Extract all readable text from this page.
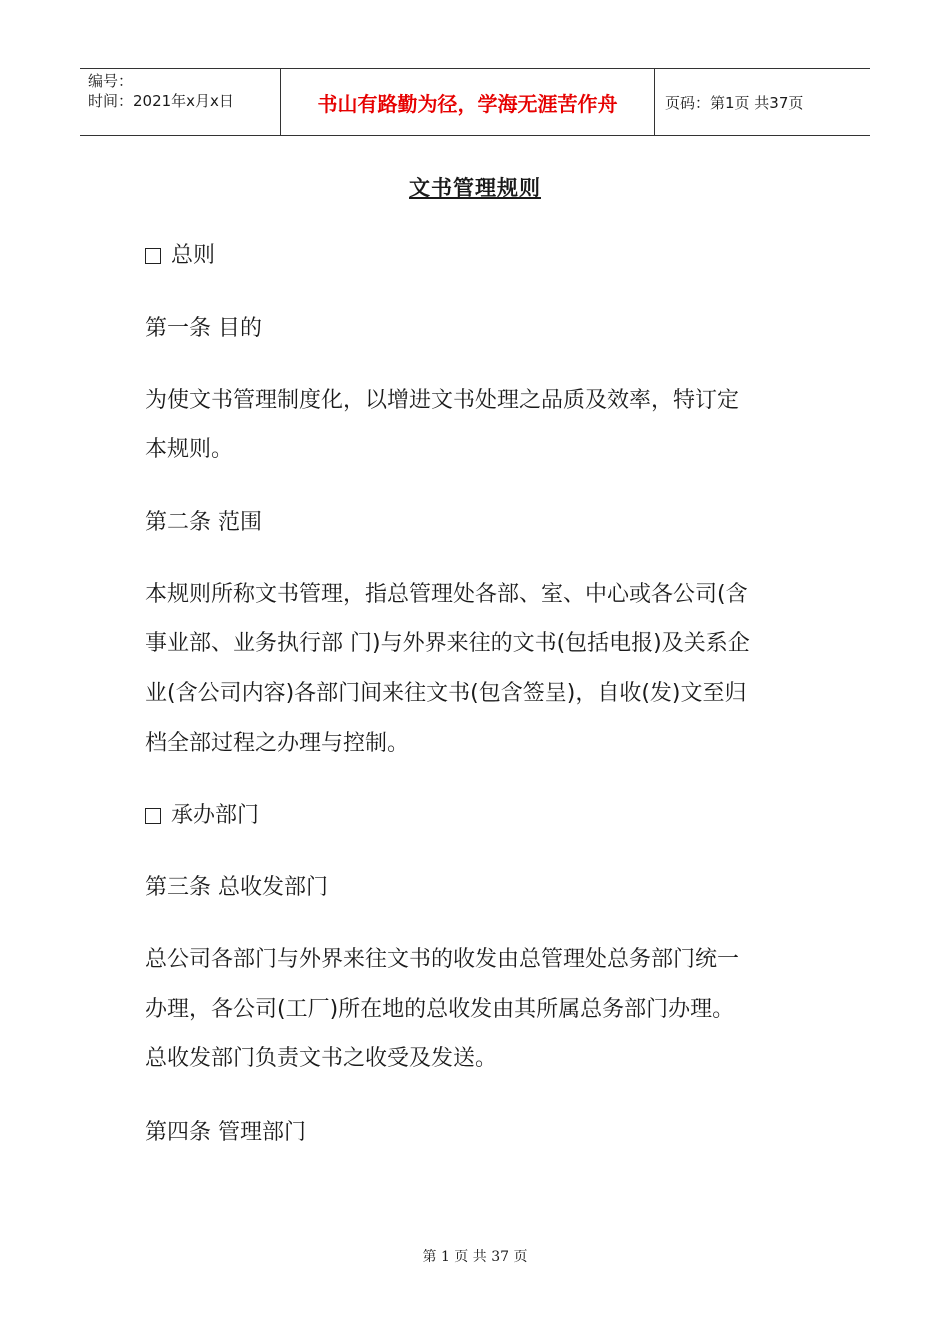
编号：
时间：2021年x月x日	书山有路勤为径，学海无涯苦作舟	页码：第1页 共37页
文书管理规则
总则
第一条 目的
为使文书管理制度化，以增进文书处理之品质及效率，特订定
本规则。
第二条 范围
本规则所称文书管理，指总管理处各部、室、中心或各公司(含
事业部、业务执行部 门)与外界来往的文书(包括电报)及关系企
业(含公司内容)各部门间来往文书(包含签呈)，自收(发)文至归
档全部过程之办理与控制。
承办部门
第三条 总收发部门
总公司各部门与外界来往文书的收发由总管理处总务部门统一
办理，各公司(工厂)所在地的总收发由其所属总务部门办理。
总收发部门负责文书之收受及发送。
第四条 管理部门
第 1 页 共 37 页
